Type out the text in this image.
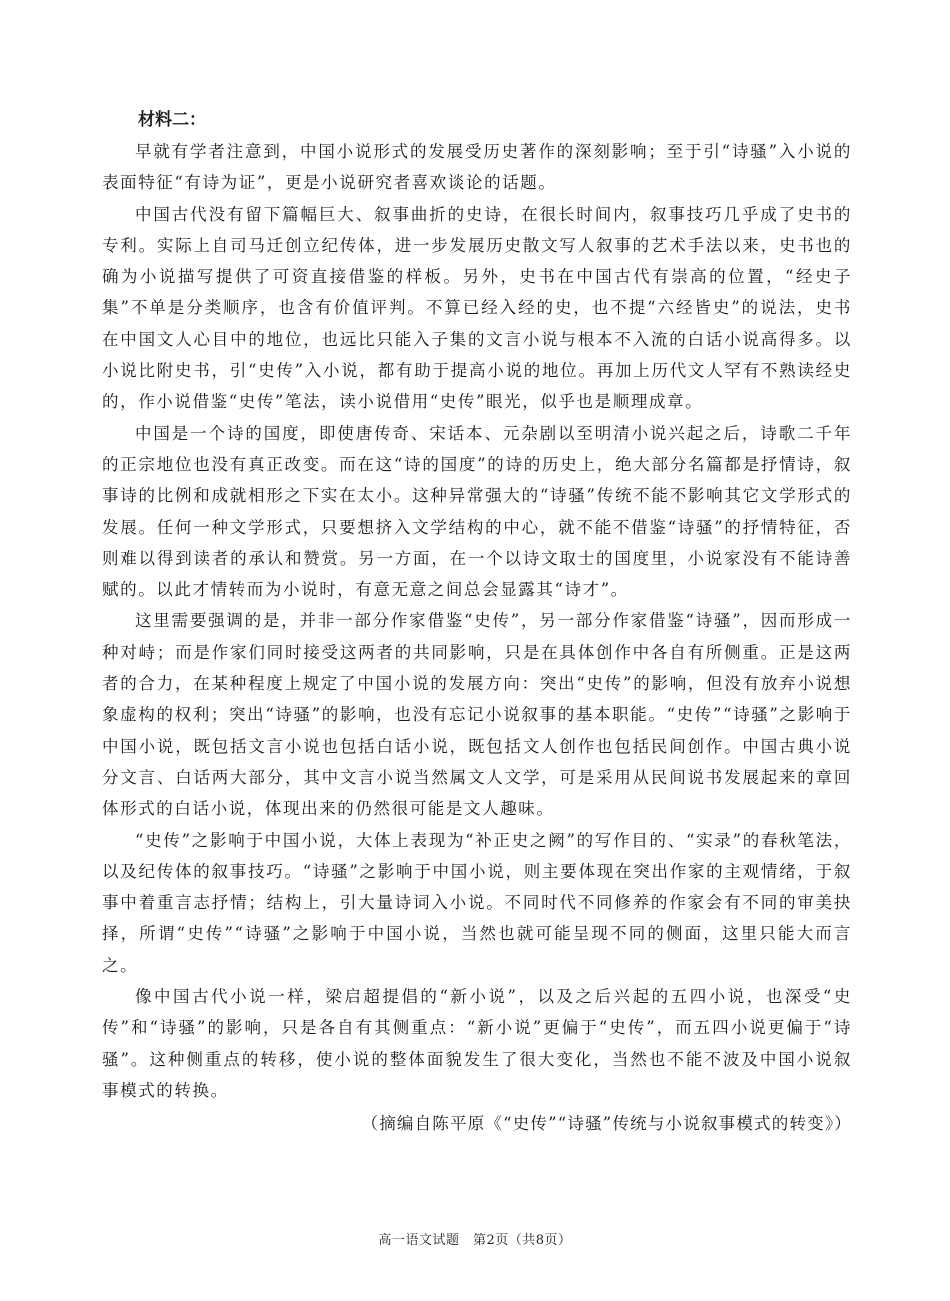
材料二：

早就有学者注意到，中国小说形式的发展受历史著作的深刻影响；至于引“诗骚”入小说的表面特征“有诗为证”，更是小说研究者喜欢谈论的话题。

中国古代没有留下篇幅巨大、叙事曲折的史诗，在很长时间内，叙事技巧几乎成了史书的专利。实际上自司马迁创立纪传体，进一步发展历史散文写人叙事的艺术手法以来，史书也的确为小说描写提供了可资直接借鉴的样板。另外，史书在中国古代有崇高的位置，“经史子集”不单是分类顺序，也含有价值评判。不算已经入经的史，也不提“六经皆史”的说法，史书在中国文人心目中的地位，也远比只能入子集的文言小说与根本不入流的白话小说高得多。以小说比附史书，引“史传”入小说，都有助于提高小说的地位。再加上历代文人罕有不熟读经史的，作小说借鉴“史传”笔法，读小说借用“史传”眼光，似乎也是顺理成章。

中国是一个诗的国度，即使唐传奇、宋话本、元杂剧以至明清小说兴起之后，诗歌二千年的正宗地位也没有真正改变。而在这“诗的国度”的诗的历史上，绝大部分名篇都是抒情诗，叙事诗的比例和成就相形之下实在太小。这种异常强大的“诗骚”传统不能不影响其它文学形式的发展。任何一种文学形式，只要想挤入文学结构的中心，就不能不借鉴“诗骚”的抒情特征，否则难以得到读者的承认和赞赏。另一方面，在一个以诗文取士的国度里，小说家没有不能诗善赋的。以此才情转而为小说时，有意无意之间总会显露其“诗才”。

这里需要强调的是，并非一部分作家借鉴“史传”，另一部分作家借鉴“诗骚”，因而形成一种对峙；而是作家们同时接受这两者的共同影响，只是在具体创作中各自有所侧重。正是这两者的合力，在某种程度上规定了中国小说的发展方向：突出“史传”的影响，但没有放弃小说想象虚构的权利；突出“诗骚”的影响，也没有忘记小说叙事的基本职能。“史传”“诗骚”之影响于中国小说，既包括文言小说也包括白话小说，既包括文人创作也包括民间创作。中国古典小说分文言、白话两大部分，其中文言小说当然属文人文学，可是采用从民间说书发展起来的章回体形式的白话小说，体现出来的仍然很可能是文人趣味。

“史传”之影响于中国小说，大体上表现为“补正史之阙”的写作目的、“实录”的春秋笔法，以及纪传体的叙事技巧。“诗骚”之影响于中国小说，则主要体现在突出作家的主观情绪，于叙事中着重言志抒情；结构上，引大量诗词入小说。不同时代不同修养的作家会有不同的审美抉择，所谓“史传”“诗骚”之影响于中国小说，当然也就可能呈现不同的侧面，这里只能大而言之。

像中国古代小说一样，梁启超提倡的“新小说”，以及之后兴起的五四小说，也深受“史传”和“诗骚”的影响，只是各自有其侧重点：“新小说”更偏于“史传”，而五四小说更偏于“诗骚”。这种侧重点的转移，使小说的整体面貌发生了很大变化，当然也不能不波及中国小说叙事模式的转换。

（摘编自陈平原《“史传”“诗骚”传统与小说叙事模式的转变》）

高一语文试题　第2页（共8页）
